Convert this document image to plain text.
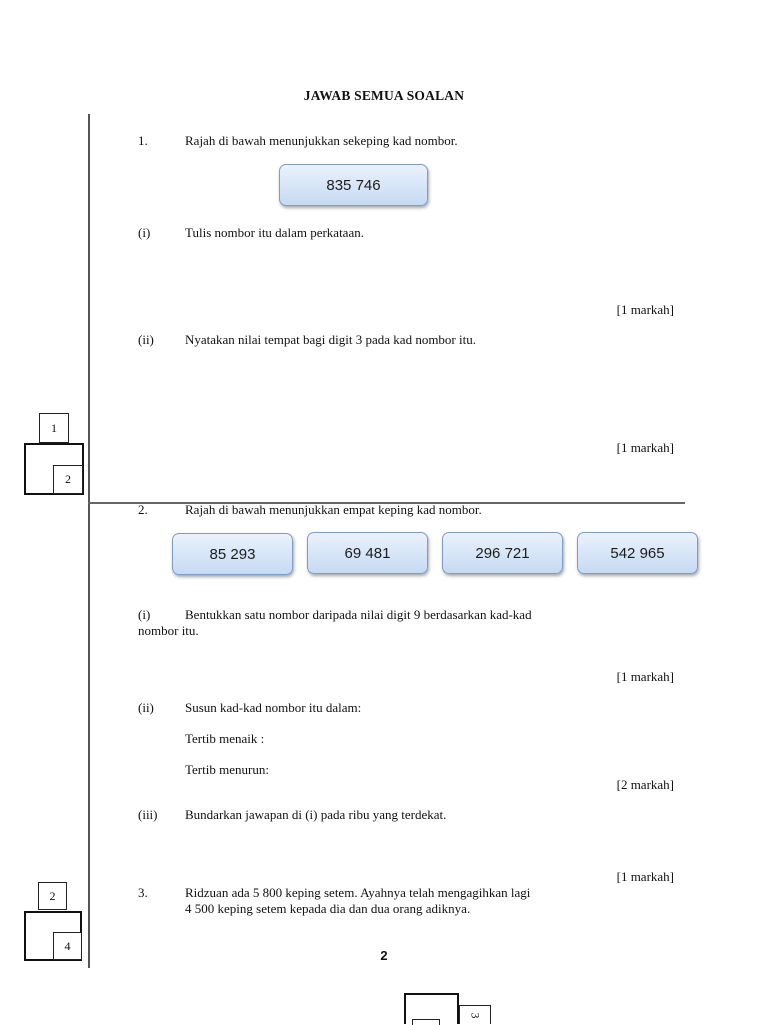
JAWAB SEMUA SOALAN
1.	Rajah di bawah menunjukkan sekeping kad nombor.
835 746
(i)	Tulis nombor itu dalam perkataan.
[1 markah]
(ii) Nyatakan nilai tempat bagi digit 3 pada kad nombor itu.
[1 markah]
1
2
2.	Rajah di bawah menunjukkan empat keping kad nombor.
85 293	69 481	296 721	542 965
(i)	Bentukkan satu nombor daripada nilai digit 9 berdasarkan kad-kad
nombor itu.
[1 markah]
(ii) Susun kad-kad nombor itu dalam:
Tertib menaik :
Tertib menurun:
[2 markah]
(iii) Bundarkan jawapan di (i) pada ribu yang terdekat.
[1 markah]
3.	Ridzuan ada 5 800 keping setem. Ayahnya telah mengagihkan lagi
4 500 keping setem kepada dia dan dua orang adiknya.
2
4
2
3
